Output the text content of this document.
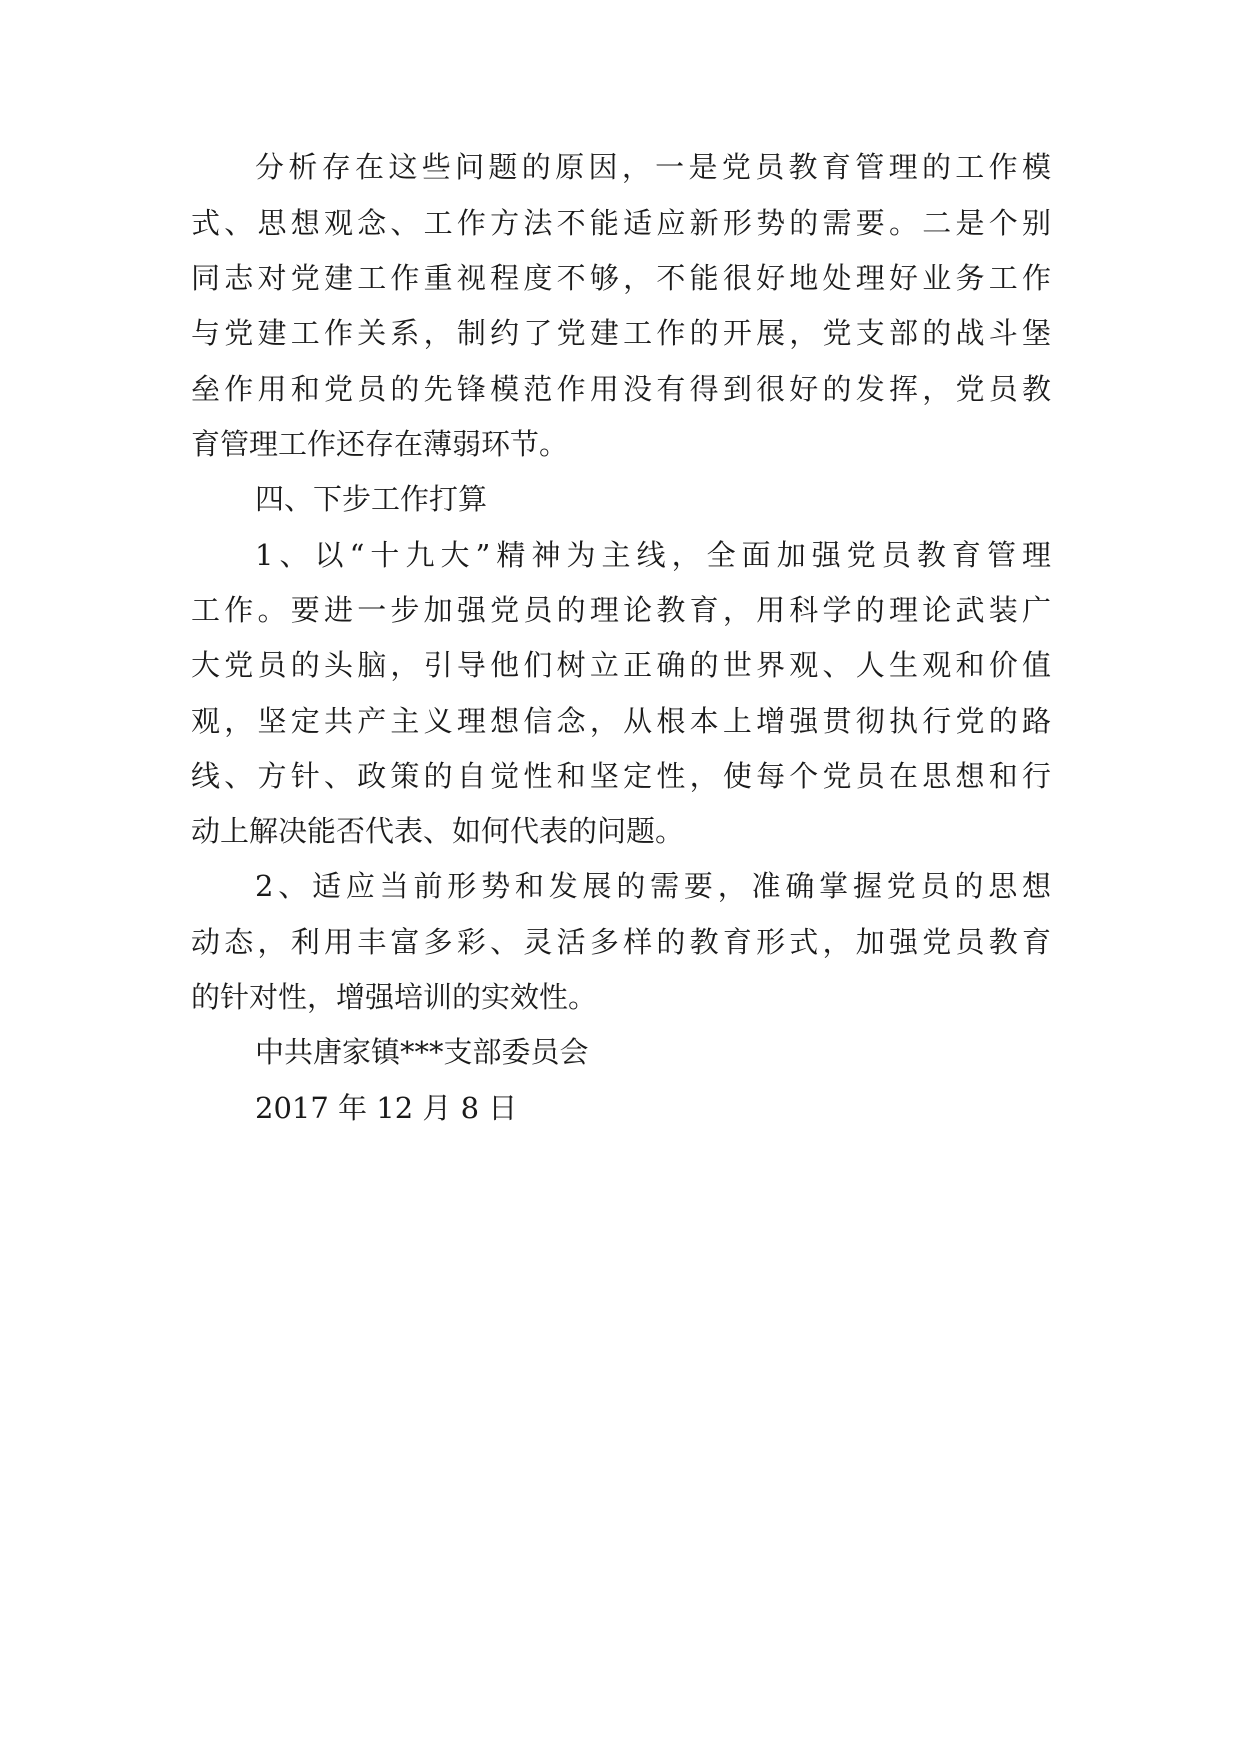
分析存在这些问题的原因，一是党员教育管理的工作模
式、思想观念、工作方法不能适应新形势的需要。二是个别
同志对党建工作重视程度不够，不能很好地处理好业务工作
与党建工作关系，制约了党建工作的开展，党支部的战斗堡
垒作用和党员的先锋模范作用没有得到很好的发挥，党员教
育管理工作还存在薄弱环节。
四、下步工作打算
1、以“十九大”精神为主线，全面加强党员教育管理
工作。要进一步加强党员的理论教育，用科学的理论武装广
大党员的头脑，引导他们树立正确的世界观、人生观和价值
观，坚定共产主义理想信念，从根本上增强贯彻执行党的路
线、方针、政策的自觉性和坚定性，使每个党员在思想和行
动上解决能否代表、如何代表的问题。
2、适应当前形势和发展的需要，准确掌握党员的思想
动态，利用丰富多彩、灵活多样的教育形式，加强党员教育
的针对性，增强培训的实效性。
中共唐家镇***支部委员会
2017 年 12 月 8 日
